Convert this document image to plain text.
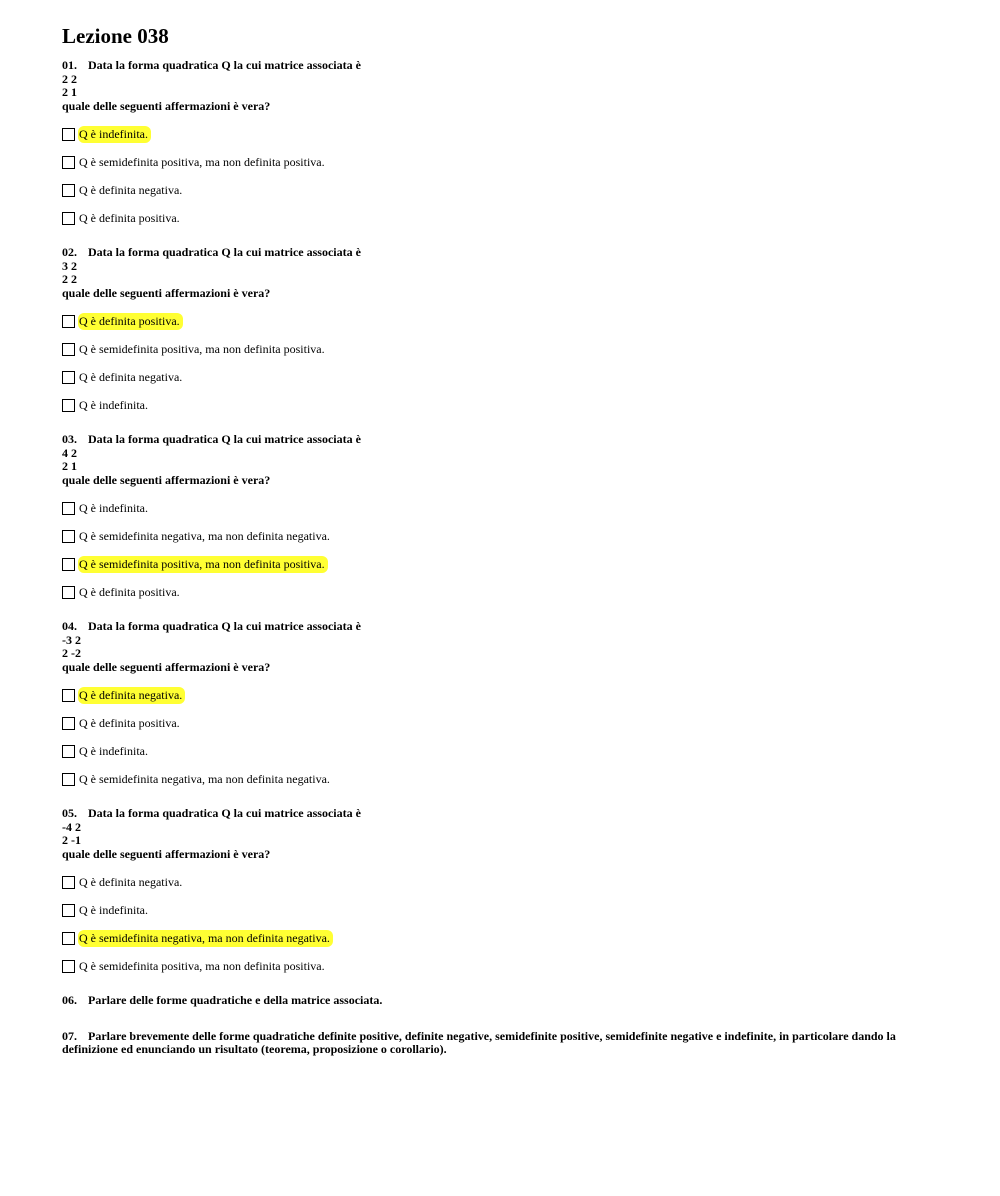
Lezione 038
01. Data la forma quadratica Q la cui matrice associata è
2 2
2 1
quale delle seguenti affermazioni è vera?
Q è indefinita.
Q è semidefinita positiva, ma non definita positiva.
Q è definita negativa.
Q è definita positiva.
02. Data la forma quadratica Q la cui matrice associata è
3 2
2 2
quale delle seguenti affermazioni è vera?
Q è definita positiva.
Q è semidefinita positiva, ma non definita positiva.
Q è definita negativa.
Q è indefinita.
03. Data la forma quadratica Q la cui matrice associata è
4 2
2 1
quale delle seguenti affermazioni è vera?
Q è indefinita.
Q è semidefinita negativa, ma non definita negativa.
Q è semidefinita positiva, ma non definita positiva.
Q è definita positiva.
04. Data la forma quadratica Q la cui matrice associata è
-3 2
2 -2
quale delle seguenti affermazioni è vera?
Q è definita negativa.
Q è definita positiva.
Q è indefinita.
Q è semidefinita negativa, ma non definita negativa.
05. Data la forma quadratica Q la cui matrice associata è
-4 2
2 -1
quale delle seguenti affermazioni è vera?
Q è definita negativa.
Q è indefinita.
Q è semidefinita negativa, ma non definita negativa.
Q è semidefinita positiva, ma non definita positiva.
06. Parlare delle forme quadratiche e della matrice associata.
07. Parlare brevemente delle forme quadratiche definite positive, definite negative, semidefinite positive, semidefinite negative e indefinite, in particolare dando la definizione ed enunciando un risultato (teorema, proposizione o corollario).
